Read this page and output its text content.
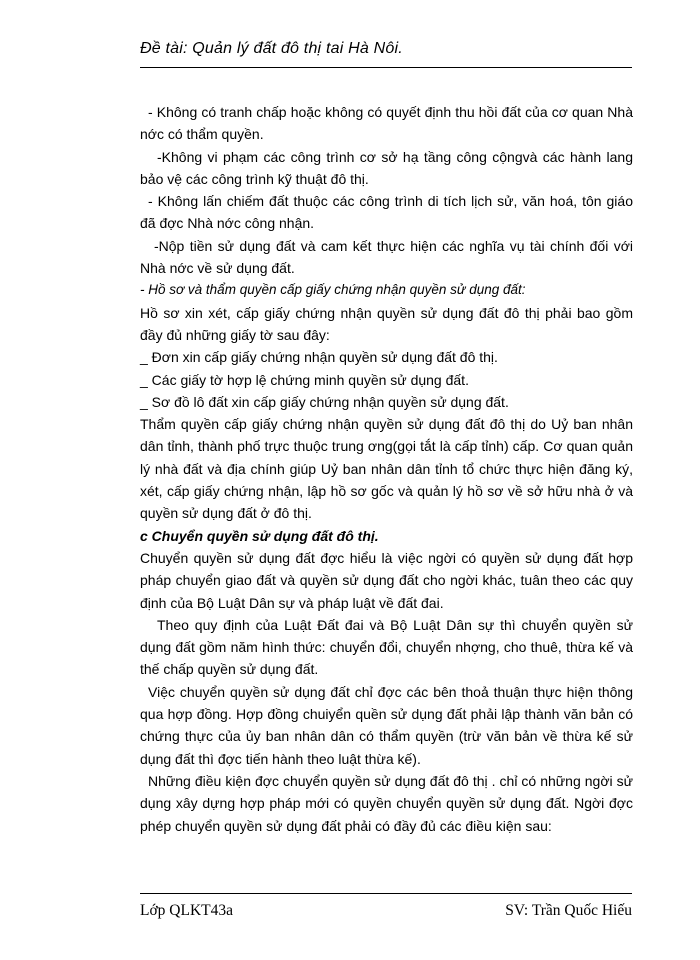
Đề tài: Quản lý đất đô thị tai Hà Nôi.

- Không có tranh chấp hoặc không có quyết định thu hồi đất của cơ quan Nhà nớc có thẩm quyền.

-Không vi phạm các công trình cơ sở hạ tầng công cộngvà các hành lang bảo vệ các công trình kỹ thuật đô thị.

- Không lấn chiếm đất thuộc các công trình di tích lịch sử, văn hoá, tôn giáo đã đợc Nhà nớc công nhận.

-Nộp tiền sử dụng đất và cam kết thực hiện các nghĩa vụ tài chính đối với Nhà nớc về sử dụng đất.

- Hồ sơ và thẩm quyền cấp giấy chứng nhận quyền sử dụng đất:

Hồ sơ xin xét, cấp giấy chứng nhận quyền sử dụng đất đô thị phải bao gồm đầy đủ những giấy tờ sau đây:

_ Đơn xin cấp giấy chứng nhận quyền sử dụng đất đô thị.

_ Các giấy tờ hợp lệ chứng minh quyền sử dụng đất.

_ Sơ đồ lô đất xin cấp giấy chứng nhận quyền sử dụng đất.

Thẩm quyền cấp giấy chứng nhận quyền sử dụng đất đô thị do Uỷ ban nhân dân tỉnh, thành phố trực thuộc trung ơng(gọi tắt là cấp tỉnh) cấp. Cơ quan quản lý nhà đất và địa chính giúp Uỷ ban nhân dân tỉnh tổ chức thực hiện đăng ký, xét, cấp giấy chứng nhận, lập hồ sơ gốc và quản lý hồ sơ về sở hữu nhà ở và quyền sử dụng đất ở đô thị.

c Chuyển quyền sử dụng đất đô thị.

Chuyển quyền sử dụng đất đợc hiểu là việc ngời có quyền sử dụng đất hợp pháp chuyển giao đất và quyền sử dụng đất cho ngời khác, tuân theo các quy định của Bộ Luật Dân sự và pháp luật về đất đai.

Theo quy định của Luật Đất đai và Bộ Luật Dân sự thì chuyển quyền sử dụng đất gồm năm hình thức: chuyển đổi, chuyển nhợng, cho thuê, thừa kế và thế chấp quyền sử dụng đất.

Việc chuyển quyền sử dụng đất chỉ đợc các bên thoả thuận thực hiện thông qua hợp đồng. Hợp đồng chuiyển quền sử dụng đất phải lập thành văn bản có chứng thực của ủy ban nhân dân có thẩm quyền (trừ văn bản về thừa kế sử dụng đất thì đợc tiến hành theo luật thừa kế).

Những điều kiện đợc chuyển quyền sử dụng đất đô thị . chỉ có những ngời sử dụng xây dựng hợp pháp mới có quyền chuyển quyền sử dụng đất. Ngời đợc phép chuyển quyền sử dụng đất phải có đầy đủ các điều kiện sau:

Lớp QLKT43a	SV: Trần Quốc Hiếu
